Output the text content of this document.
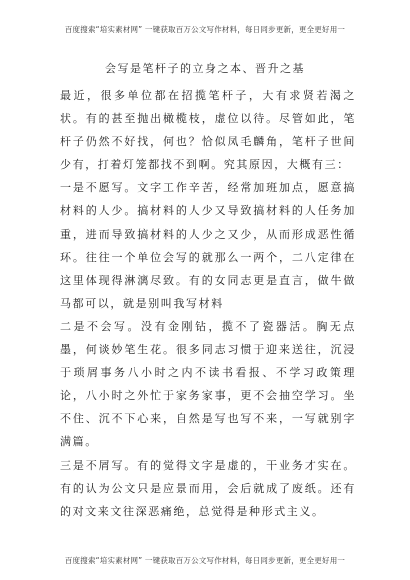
百度搜索“培实素材网” 一键获取百万公文写作材料，每日同步更新，更全更好用一
会写是笔杆子的立身之本、晋升之基

最近，很多单位都在招揽笔杆子，大有求贤若渴之状。有的甚至抛出橄榄枝，虚位以待。尽管如此，笔杆子仍然不好找，何也？恰似凤毛麟角，笔杆子世间少有，打着灯笼都找不到啊。究其原因，大概有三：

一是不愿写。文字工作辛苦，经常加班加点，愿意搞材料的人少。搞材料的人少又导致搞材料的人任务加重，进而导致搞材料的人少之又少，从而形成恶性循环。往往一个单位会写的就那么一两个，二八定律在这里体现得淋漓尽致。有的女同志更是直言，做牛做马都可以，就是别叫我写材料

二是不会写。没有金刚钻，揽不了瓷器活。胸无点墨，何谈妙笔生花。很多同志习惯于迎来送往，沉浸于琐屑事务八小时之内不读书看报、不学习政策理论，八小时之外忙于家务家事，更不会抽空学习。坐不住、沉不下心来，自然是写也写不来，一写就别字满篇。

三是不屑写。有的觉得文字是虚的，干业务才实在。有的认为公文只是应景而用，会后就成了废纸。还有的对文来文往深恶痛绝，总觉得是种形式主义。

百度搜索“培实素材网” 一键获取百万公文写作材料，每日同步更新，更全更好用一
